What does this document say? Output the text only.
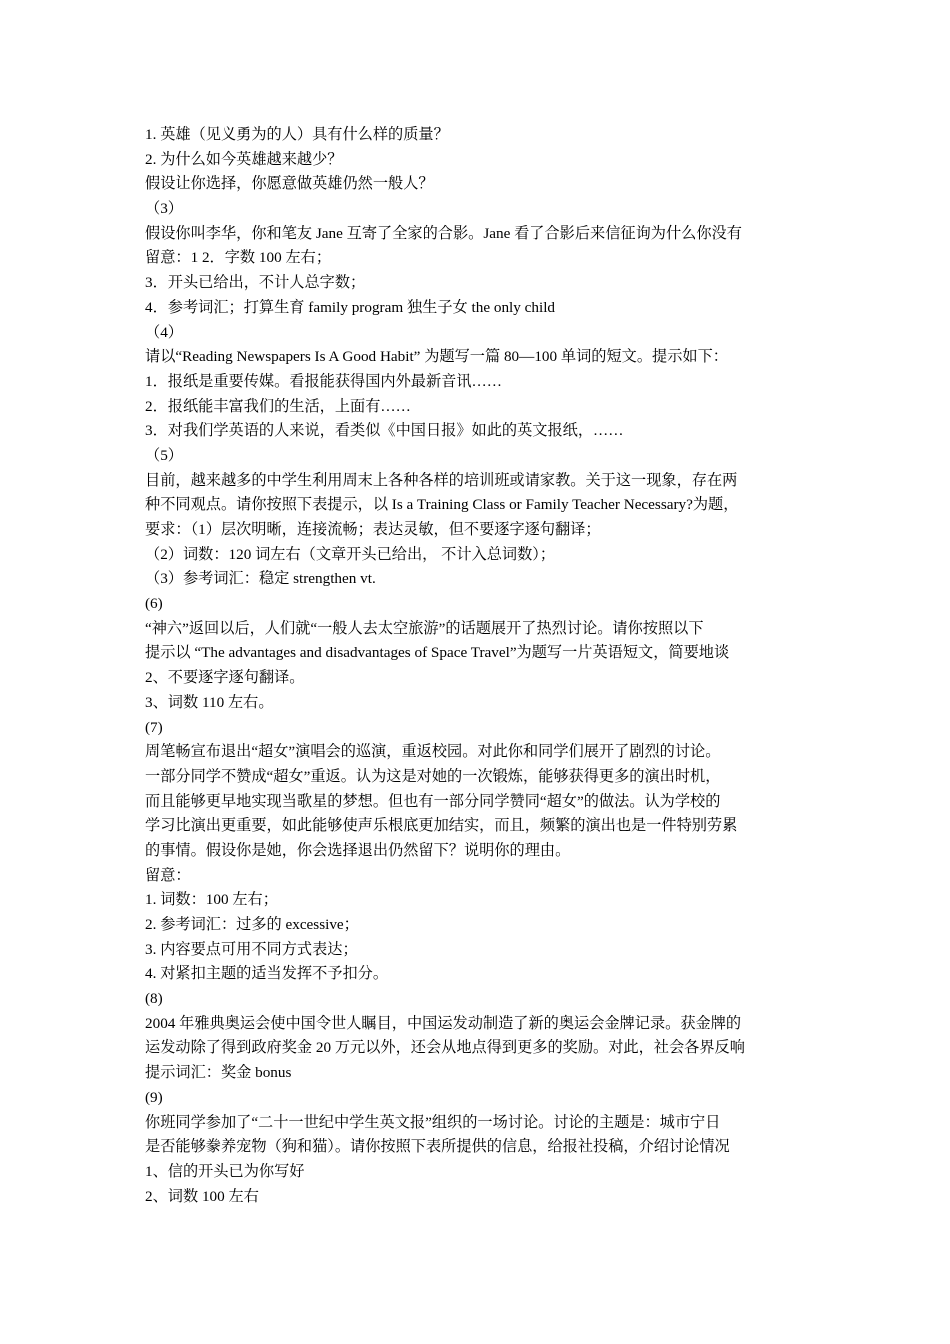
1. 英雄（见义勇为的人）具有什么样的质量？
2. 为什么如今英雄越来越少？
假设让你选择，你愿意做英雄仍然一般人？
（3）
假设你叫李华，你和笔友 Jane 互寄了全家的合影。Jane 看了合影后来信征询为什么你没有
留意：1 2．字数 100 左右；
3．开头已给出，不计人总字数；
4．参考词汇；打算生育 family program 独生子女 the only child
（4）
请以“Reading Newspapers Is A Good Habit” 为题写一篇 80—100 单词的短文。提示如下：
1．报纸是重要传媒。看报能获得国内外最新音讯……
2．报纸能丰富我们的生活，上面有……
3．对我们学英语的人来说，看类似《中国日报》如此的英文报纸，……
（5）
目前，越来越多的中学生利用周末上各种各样的培训班或请家教。关于这一现象，存在两
种不同观点。请你按照下表提示，以 Is a Training Class or Family Teacher Necessary?为题，
要求：（1）层次明晰，连接流畅；表达灵敏，但不要逐字逐句翻译；
（2）词数：120 词左右（文章开头已给出， 不计入总词数）；
（3）参考词汇：稳定 strengthen vt.
(6)
“神六”返回以后，人们就“一般人去太空旅游”的话题展开了热烈讨论。请你按照以下
提示以 “The advantages and disadvantages of Space Travel”为题写一片英语短文，简要地谈
2、不要逐字逐句翻译。
3、词数 110 左右。
(7)
周笔畅宣布退出“超女”演唱会的巡演，重返校园。对此你和同学们展开了剧烈的讨论。
一部分同学不赞成“超女”重返。认为这是对她的一次锻炼，能够获得更多的演出时机，
而且能够更早地实现当歌星的梦想。但也有一部分同学赞同“超女”的做法。认为学校的
学习比演出更重要，如此能够使声乐根底更加结实，而且，频繁的演出也是一件特别劳累
的事情。假设你是她，你会选择退出仍然留下？说明你的理由。
留意：
1. 词数：100 左右；
2. 参考词汇：过多的 excessive；
3. 内容要点可用不同方式表达；
4. 对紧扣主题的适当发挥不予扣分。
(8)
2004 年雅典奥运会使中国令世人瞩目，中国运发动制造了新的奥运会金牌记录。获金牌的
运发动除了得到政府奖金 20 万元以外，还会从地点得到更多的奖励。对此，社会各界反响
提示词汇：奖金 bonus
(9)
你班同学参加了“二十一世纪中学生英文报”组织的一场讨论。讨论的主题是：城市宁日
是否能够豢养宠物（狗和猫）。请你按照下表所提供的信息，给报社投稿，介绍讨论情况
1、信的开头已为你写好
2、词数 100 左右
